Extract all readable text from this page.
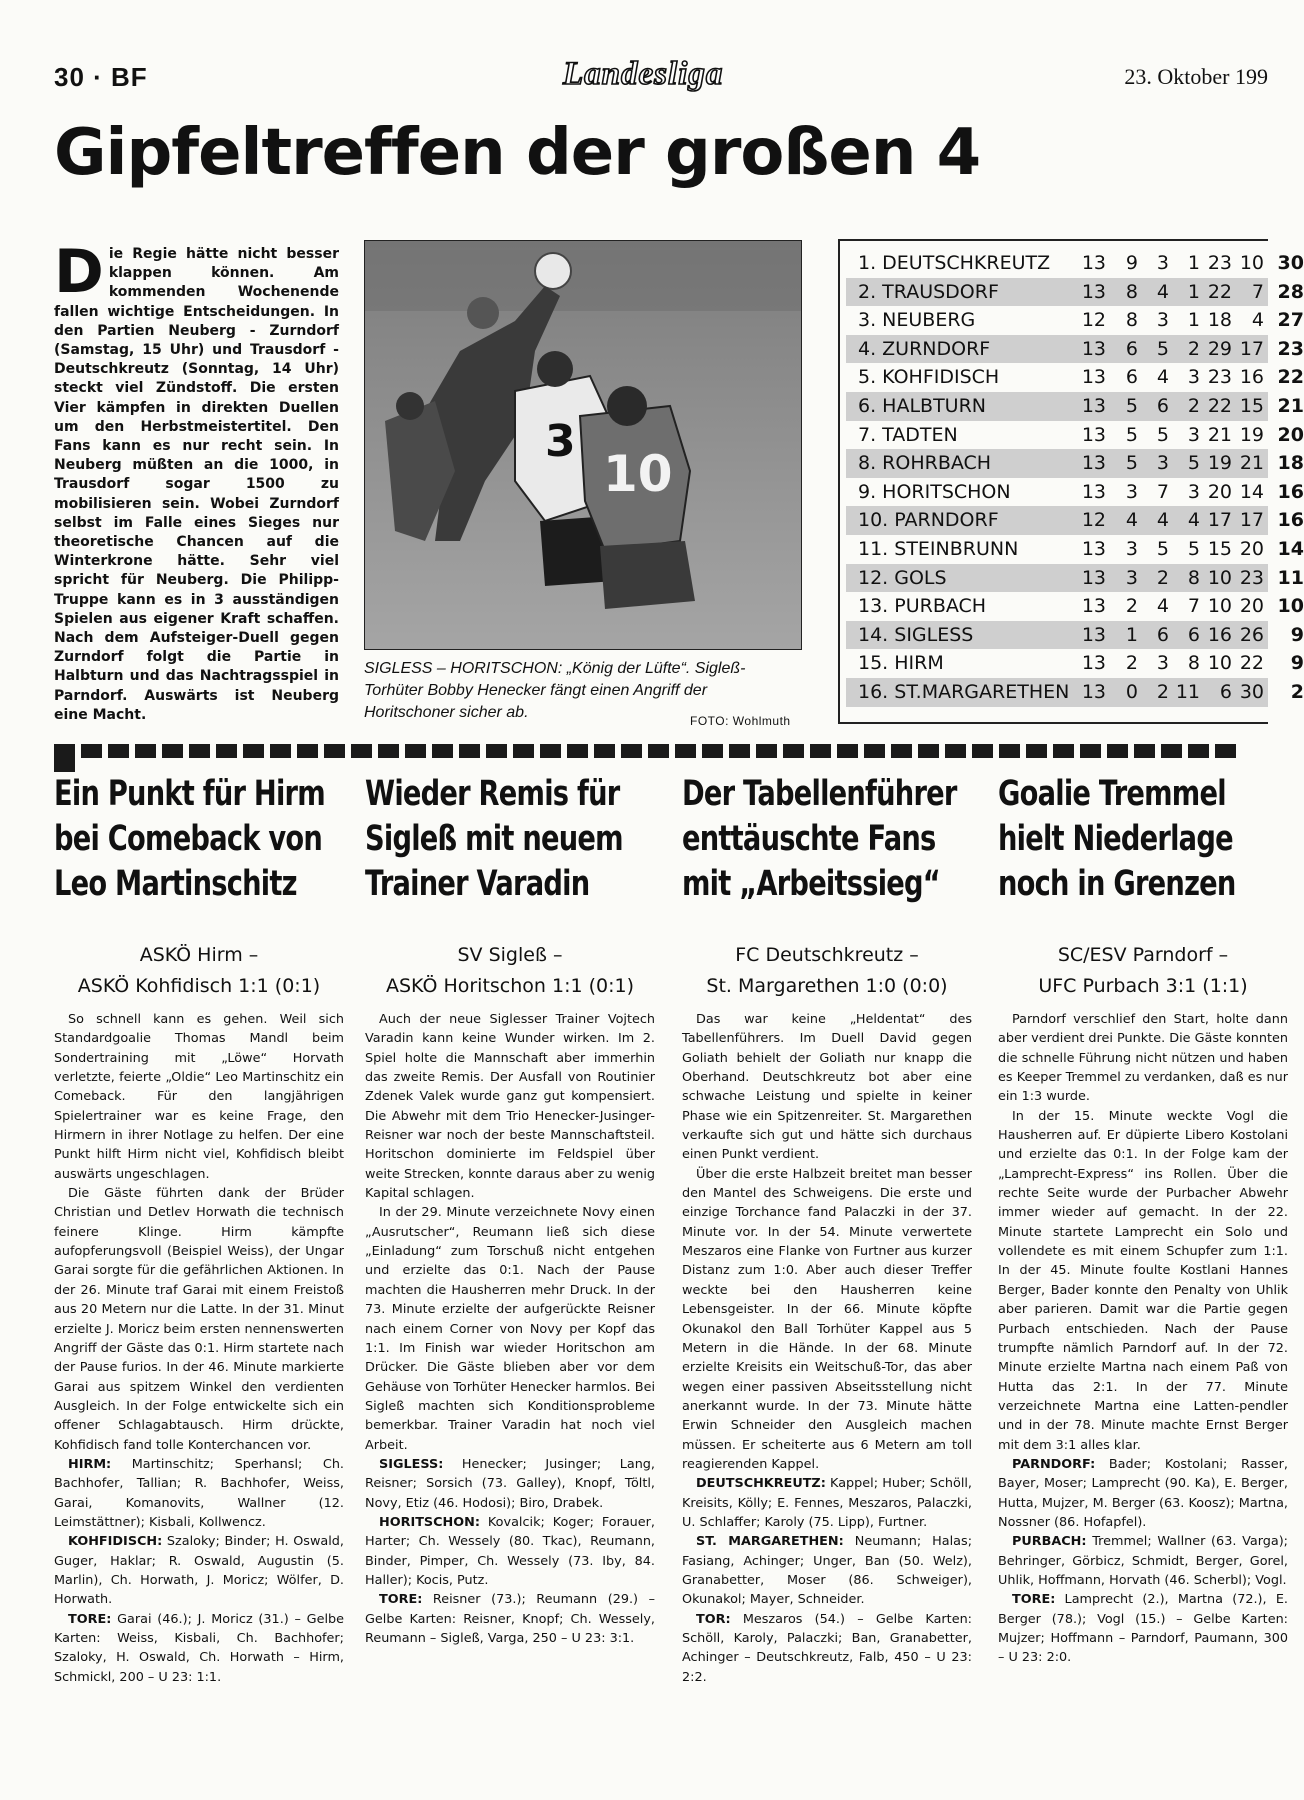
30 · BF	Landesliga	23. Oktober 199
Gipfeltreffen der großen 4
Die Regie hätte nicht besser klappen können. Am kommenden Wochenende fallen wichtige Entscheidungen. In den Partien Neuberg - Zurndorf (Samstag, 15 Uhr) und Trausdorf - Deutschkreutz (Sonntag, 14 Uhr) steckt viel Zündstoff. Die ersten Vier kämpfen in direkten Duellen um den Herbstmeistertitel. Den Fans kann es nur recht sein. In Neuberg müßten an die 1000, in Trausdorf sogar 1500 zu mobilisieren sein. Wobei Zurndorf selbst im Falle eines Sieges nur theoretische Chancen auf die Winterkrone hätte. Sehr viel spricht für Neuberg. Die Philipp-Truppe kann es in 3 ausständigen Spielen aus eigener Kraft schaffen. Nach dem Aufsteiger-Duell gegen Zurndorf folgt die Partie in Halbturn und das Nachtragsspiel in Parndorf. Auswärts ist Neuberg eine Macht.
3
10

SIGLESS – HORITSCHON: „König der Lüfte“. Sigleß-Torhüter Bobby Henecker fängt einen Angriff der Horitschoner sicher ab.	FOTO: Wohlmuth
1. DEUTSCHKREUTZ 13	9 3 1 23 10 30
2. TRAUSDORF	13	8 4 1 22	7 28
3. NEUBERG	12	8 3 1 18	4 27
4. ZURNDORF	13	6 5 2 29 17 23
5. KOHFIDISCH	13	6 4 3 23 16 22
6. HALBTURN	13	5 6 2 22 15 21
7. TADTEN	13	5 5 3 21 19 20
8. ROHRBACH	13	5 3 5 19 21 18
9. HORITSCHON	13	3 7 3 20 14 16
10. PARNDORF	12	4 4 4 17 17 16
11. STEINBRUNN	13	3 5 5 15 20 14
12. GOLS	13	3 2 8 10 23 11
13. PURBACH	13	2 4 7 10 20 10
14. SIGLESS	13	1 6 6 16 26	9
15. HIRM	13	2 3 8 10 22	9
16. ST.MARGARETHEN 13	0 2 11	6 30	2
Ein Punkt für Hirm
bei Comeback von
Leo Martinschitz
ASKÖ Hirm –
ASKÖ Kohfidisch 1:1 (0:1)

So schnell kann es gehen. Weil sich Standardgoalie Thomas Mandl beim Sondertraining mit „Löwe“ Horvath verletzte, feierte „Oldie“ Leo Martinschitz ein Comeback. Für den langjährigen Spielertrainer war es keine Frage, den Hirmern in ihrer Notlage zu helfen. Der eine Punkt hilft Hirm nicht viel, Kohfidisch bleibt auswärts ungeschlagen.

Die Gäste führten dank der Brüder Christian und Detlev Horwath die technisch feinere Klinge. Hirm kämpfte aufopferungsvoll (Beispiel Weiss), der Ungar Garai sorgte für die gefährlichen Aktionen. In der 26. Minute traf Garai mit einem Freistoß aus 20 Metern nur die Latte. In der 31. Minut erzielte J. Moricz beim ersten nennenswerten Angriff der Gäste das 0:1. Hirm startete nach der Pause furios. In der 46. Minute markierte Garai aus spitzem Winkel den verdienten Ausgleich. In der Folge entwickelte sich ein offener Schlagabtausch. Hirm drückte, Kohfidisch fand tolle Konterchancen vor.

HIRM: Martinschitz; Sperhansl; Ch. Bachhofer, Tallian; R. Bachhofer, Weiss, Garai, Komanovits, Wallner (12. Leimstättner); Kisbali, Kollwencz.

KOHFIDISCH: Szaloky; Binder; H. Oswald, Guger, Haklar; R. Oswald, Augustin (5. Marlin), Ch. Horwath, J. Moricz; Wölfer, D. Horwath.

TORE: Garai (46.); J. Moricz (31.) – Gelbe Karten: Weiss, Kisbali, Ch. Bachhofer; Szaloky, H. Oswald, Ch. Horwath – Hirm, Schmickl, 200 – U 23: 1:1.

Wieder Remis für
Sigleß mit neuem
Trainer Varadin
SV Sigleß –
ASKÖ Horitschon 1:1 (0:1)

Auch der neue Siglesser Trainer Vojtech Varadin kann keine Wunder wirken. Im 2. Spiel holte die Mannschaft aber immerhin das zweite Remis. Der Ausfall von Routinier Zdenek Valek wurde ganz gut kompensiert. Die Abwehr mit dem Trio Henecker-Jusinger-Reisner war noch der beste Mannschaftsteil. Horitschon dominierte im Feldspiel über weite Strecken, konnte daraus aber zu wenig Kapital schlagen.

In der 29. Minute verzeichnete Novy einen „Ausrutscher“, Reumann ließ sich diese „Einladung“ zum Torschuß nicht entgehen und erzielte das 0:1. Nach der Pause machten die Hausherren mehr Druck. In der 73. Minute erzielte der aufgerückte Reisner nach einem Corner von Novy per Kopf das 1:1. Im Finish war wieder Horitschon am Drücker. Die Gäste blieben aber vor dem Gehäuse von Torhüter Henecker harmlos. Bei Sigleß machten sich Konditionsprobleme bemerkbar. Trainer Varadin hat noch viel Arbeit.

SIGLESS: Henecker; Jusinger; Lang, Reisner; Sorsich (73. Galley), Knopf, Töltl, Novy, Etiz (46. Hodosi); Biro, Drabek.

HORITSCHON: Kovalcik; Koger; Forauer, Harter; Ch. Wessely (80. Tkac), Reumann, Binder, Pimper, Ch. Wessely (73. Iby, 84. Haller); Kocis, Putz.

TORE: Reisner (73.); Reumann (29.) – Gelbe Karten: Reisner, Knopf; Ch. Wessely, Reumann – Sigleß, Varga, 250 – U 23: 3:1.

Der Tabellenführer
enttäuschte Fans
mit „Arbeitssieg“
FC Deutschkreutz –
St. Margarethen 1:0 (0:0)

Das war keine „Heldentat“ des Tabellenführers. Im Duell David gegen Goliath behielt der Goliath nur knapp die Oberhand. Deutschkreutz bot aber eine schwache Leistung und spielte in keiner Phase wie ein Spitzenreiter. St. Margarethen verkaufte sich gut und hätte sich durchaus einen Punkt verdient.

Über die erste Halbzeit breitet man besser den Mantel des Schweigens. Die erste und einzige Torchance fand Palaczki in der 37. Minute vor. In der 54. Minute verwertete Meszaros eine Flanke von Furtner aus kurzer Distanz zum 1:0. Aber auch dieser Treffer weckte bei den Hausherren keine Lebensgeister. In der 66. Minute köpfte Okunakol den Ball Torhüter Kappel aus 5 Metern in die Hände. In der 68. Minute erzielte Kreisits ein Weitschuß-Tor, das aber wegen einer passiven Abseitsstellung nicht anerkannt wurde. In der 73. Minute hätte Erwin Schneider den Ausgleich machen müssen. Er scheiterte aus 6 Metern am toll reagierenden Kappel.

DEUTSCHKREUTZ: Kappel; Huber; Schöll, Kreisits, Kölly; E. Fennes, Meszaros, Palaczki, U. Schlaffer; Karoly (75. Lipp), Furtner.

ST. MARGARETHEN: Neumann; Halas; Fasiang, Achinger; Unger, Ban (50. Welz), Granabetter, Moser (86. Schweiger), Okunakol; Mayer, Schneider.

TOR: Meszaros (54.) – Gelbe Karten: Schöll, Karoly, Palaczki; Ban, Granabetter, Achinger – Deutschkreutz, Falb, 450 – U 23: 2:2.

Goalie Tremmel
hielt Niederlage
noch in Grenzen
SC/ESV Parndorf –
UFC Purbach 3:1 (1:1)

Parndorf verschlief den Start, holte dann aber verdient drei Punkte. Die Gäste konnten die schnelle Führung nicht nützen und haben es Keeper Tremmel zu verdanken, daß es nur ein 1:3 wurde.

In der 15. Minute weckte Vogl die Hausherren auf. Er düpierte Libero Kostolani und erzielte das 0:1. In der Folge kam der „Lamprecht-Express“ ins Rollen. Über die rechte Seite wurde der Purbacher Abwehr immer wieder auf gemacht. In der 22. Minute startete Lamprecht ein Solo und vollendete es mit einem Schupfer zum 1:1. In der 45. Minute foulte Kostlani Hannes Berger, Bader konnte den Penalty von Uhlik aber parieren. Damit war die Partie gegen Purbach entschieden. Nach der Pause trumpfte nämlich Parndorf auf. In der 72. Minute erzielte Martna nach einem Paß von Hutta das 2:1. In der 77. Minute verzeichnete Martna eine Latten-pendler und in der 78. Minute machte Ernst Berger mit dem 3:1 alles klar.

PARNDORF: Bader; Kostolani; Rasser, Bayer, Moser; Lamprecht (90. Ka), E. Berger, Hutta, Mujzer, M. Berger (63. Koosz); Martna, Nossner (86. Hofapfel).

PURBACH: Tremmel; Wallner (63. Varga); Behringer, Görbicz, Schmidt, Berger, Gorel, Uhlik, Hoffmann, Horvath (46. Scherbl); Vogl.

TORE: Lamprecht (2.), Martna (72.), E. Berger (78.); Vogl (15.) – Gelbe Karten: Mujzer; Hoffmann – Parndorf, Paumann, 300 – U 23: 2:0.
